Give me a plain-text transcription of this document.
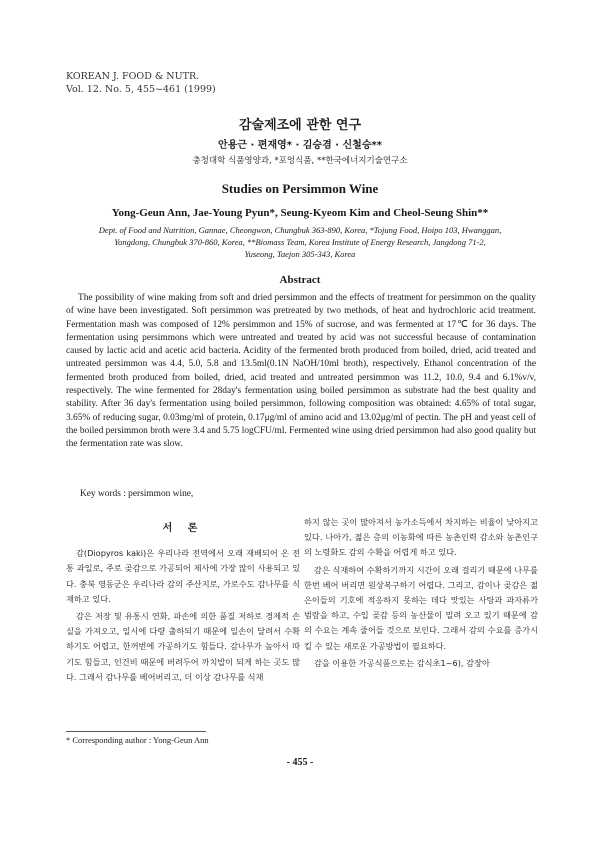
KOREAN J. FOOD & NUTR.
Vol. 12. No. 5, 455~461 (1999)
감술제조에 관한 연구
안용근 · 편재영* · 김승겸 · 신철승**
충청대학 식품영양과, *포엉식품, **한국에너지기술연구소
Studies on Persimmon Wine
Yong-Geun Ann, Jae-Young Pyun*, Seung-Kyeom Kim and Cheol-Seung Shin**
Dept. of Food and Nutrition, Gannae, Cheongwon, Chungbuk 363-890, Korea, *Tojung Food, Hoipo 103, Hwanggan,
Yongdong, Chungbuk 370-860, Korea, **Biomass Team, Korea Institute of Energy Research, Jangdong 71-2,
Yuseong, Taejon 305-343, Korea
Abstract

The possibility of wine making from soft and dried persimmon and the effects of treatment for persimmon on the quality of wine have been investigated. Soft persimmon was pretreated by two methods, of heat and hydrochloric acid treatment. Fermentation mash was composed of 12% persimmon and 15% of sucrose, and was fermented at 17℃ for 36 days. The fermentation using persimmons which were untreated and treated by acid was not successful because of contamination caused by lactic acid and acetic acid bacteria. Acidity of the fermented broth produced from boiled, dried, acid treated and untreated persimmon was 4.4, 5.0, 5.8 and 13.5ml(0.1N NaOH/10ml broth), respectively. Ethanol concentration of the fermented broth produced from boiled, dried, acid treated and untreated persimmon was 11.2, 10.0, 9.4 and 6.1%v/v, respectively. The wine fermented for 28day's fermentation using boiled persimmon as substrate had the best quality and stability. After 36 day's fermentation using boiled persimmon, following composition was obtained: 4.65% of total sugar, 3.65% of reducing sugar, 0.03mg/ml of protein, 0.17μg/ml of amino acid and 13.02μg/ml of pectin. The pH and yeast cell of the boiled persimmon broth were 3.4 and 5.75 logCFU/ml. Fermented wine using dried persimmon had also good quality but the fermentation rate was slow.

Key words : persimmon wine,
서 론

감(Diopyros kaki)은 우리나라 전역에서 오래 재배되어 온 전통 과일로, 주로 곶감으로 가공되어 제사에 가장 많이 사용되고 있다. 충북 영동군은 우리나라 감의 주산지로, 가로수도 감나무를 식재하고 있다.

감은 저장 및 유통시 연화, 파손에 의한 품질 저하로 경제적 손실을 가져오고, 일시에 다량 출하되기 때문에 일손이 달려서 수확하기도 어렵고, 한꺼번에 가공하기도 힘들다. 감나무가 높아서 따기도 힘들고, 인건비 때문에 버려두어 까치밥이 되게 하는 곳도 많다. 그래서 감나무를 베어버리고, 더 이상 감나무를 식재

하지 않는 곳이 많아져서 농가소득에서 차지하는 비율이 낮아지고 있다. 나아가, 젊은 층의 이농화에 따른 농촌인력 감소와 농촌인구의 노령화도 감의 수확을 어렵게 하고 있다.

감은 식재하여 수확하기까지 시간이 오래 걸리기 때문에 나무를 한번 베어 버리면 원상복구하기 어렵다. 그리고, 감이나 곶감은 젊은이들의 기호에 적응하지 못하는 데다 맛있는 사탕과 과자류가 범람을 하고, 수입 곶감 등의 농산물이 밀려 오고 있기 때문에 감의 수요는 계속 줄어들 것으로 보인다. 그래서 감의 수요를 증가시킬 수 있는 새로운 가공방법이 필요하다.

감을 이용한 가공식품으로는 감식초1~6), 감장아

* Corresponding author : Yong-Geun Ann
- 455 -
